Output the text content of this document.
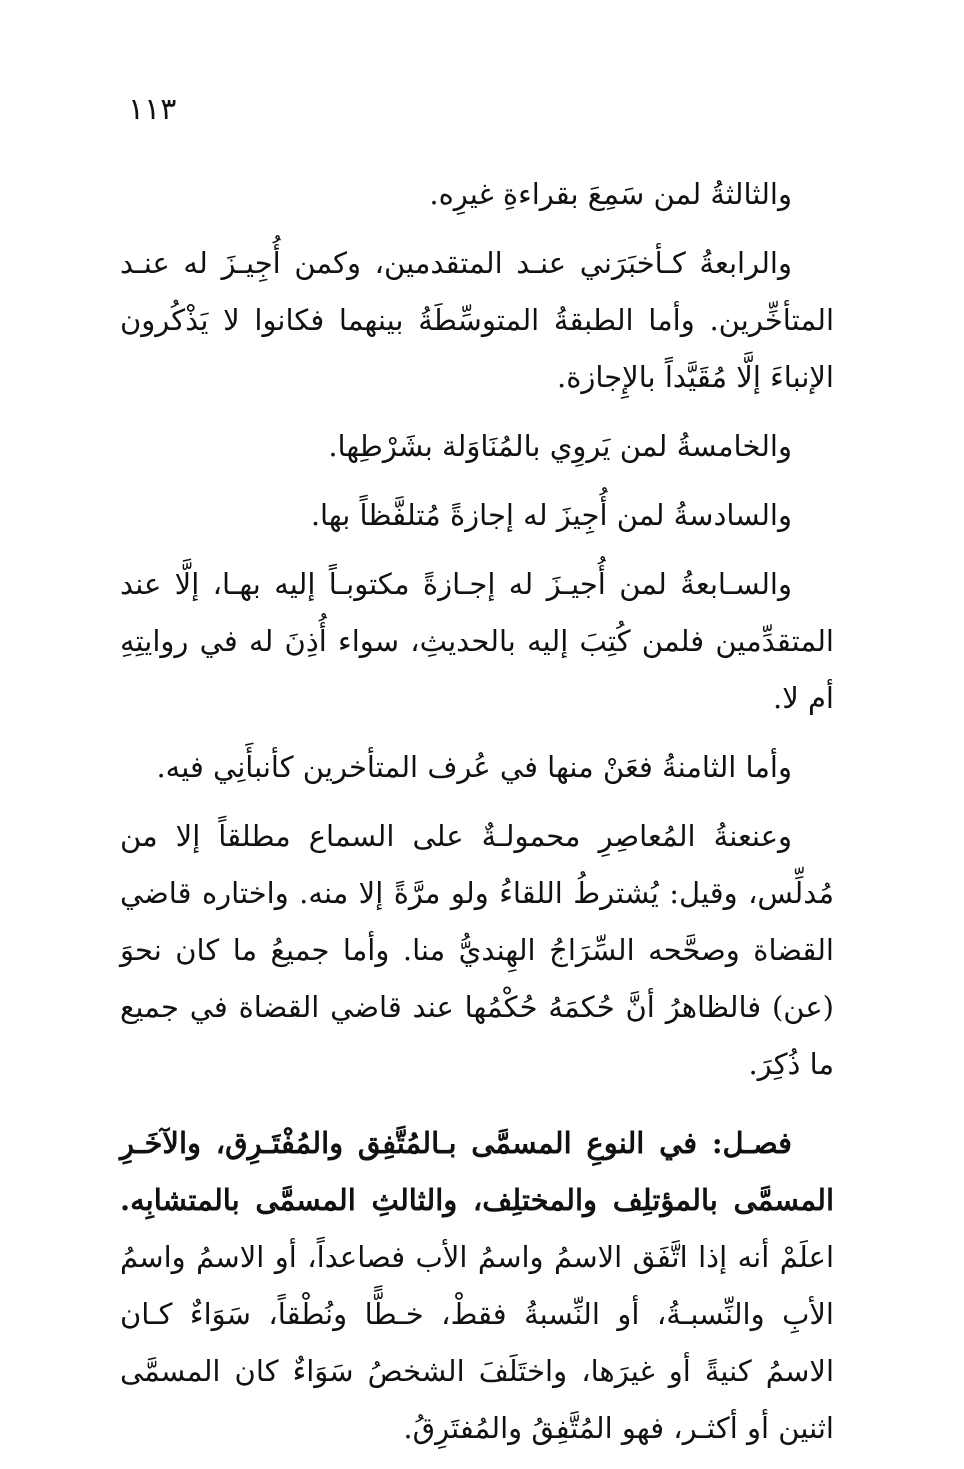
١١٣

والثالثةُ لمن سَمِعَ بقراءةِ غيرِه.

والرابعةُ كـأخبَرَني عنـد المتقدمين، وكمن أُجِيـزَ له عنـد المتأخِّرين. وأما الطبقةُ المتوسِّطَةُ بينهما فكانوا لا يَذْكُرون الإنباءَ إلَّا مُقَيَّداً بالإِجازة.

والخامسةُ لمن يَروِي بالمُنَاوَلة بشَرْطِها.

والسادسةُ لمن أُجِيزَ له إجازةً مُتلفَّظاً بها.

والسـابعةُ لمن أُجيـزَ له إجـازةً مكتوبـاً إليه بهـا، إلَّا عند المتقدِّمين فلمن كُتِبَ إليه بالحديثِ، سواء أُذِنَ له في روايتِهِ أم لا.

وأما الثامنةُ فعَنْ منها في عُرف المتأخرين كأنبأَنِي فيه.

وعنعنةُ المُعاصِرِ محمولـةٌ على السماع مطلقاً إلا من مُدلِّس، وقيل: يُشترطُ اللقاءُ ولو مرَّةً إلا منه. واختاره قاضي القضاة وصحَّحه السِّرَاجُ الهِنديُّ منا. وأما جميعُ ما كان نحوَ (عن) فالظاهرُ أنَّ حُكمَهُ حُكْمُها عند قاضي القضاة في جميع ما ذُكِرَ.

فصـل: في النوعِ المسمَّى بـالمُتَّفِق والمُفْتَـرِق، والآخَـرِ المسمَّى بالمؤتلِف والمختلِف، والثالثِ المسمَّى بالمتشابِه. اعلَمْ أنه إذا اتَّفَق الاسمُ واسمُ الأب فصاعداً، أو الاسمُ واسمُ الأبِ والنِّسبـةُ، أو النِّسبةُ فقطْ، خـطًّا ونُطْقاً، سَوَاءٌ كـان الاسمُ كنيةً أو غيرَها، واختَلَفَ الشخصُ سَوَاءٌ كان المسمَّى اثنين أو أكثـر، فهو المُتَّفِقُ والمُفتَرِقُ.
